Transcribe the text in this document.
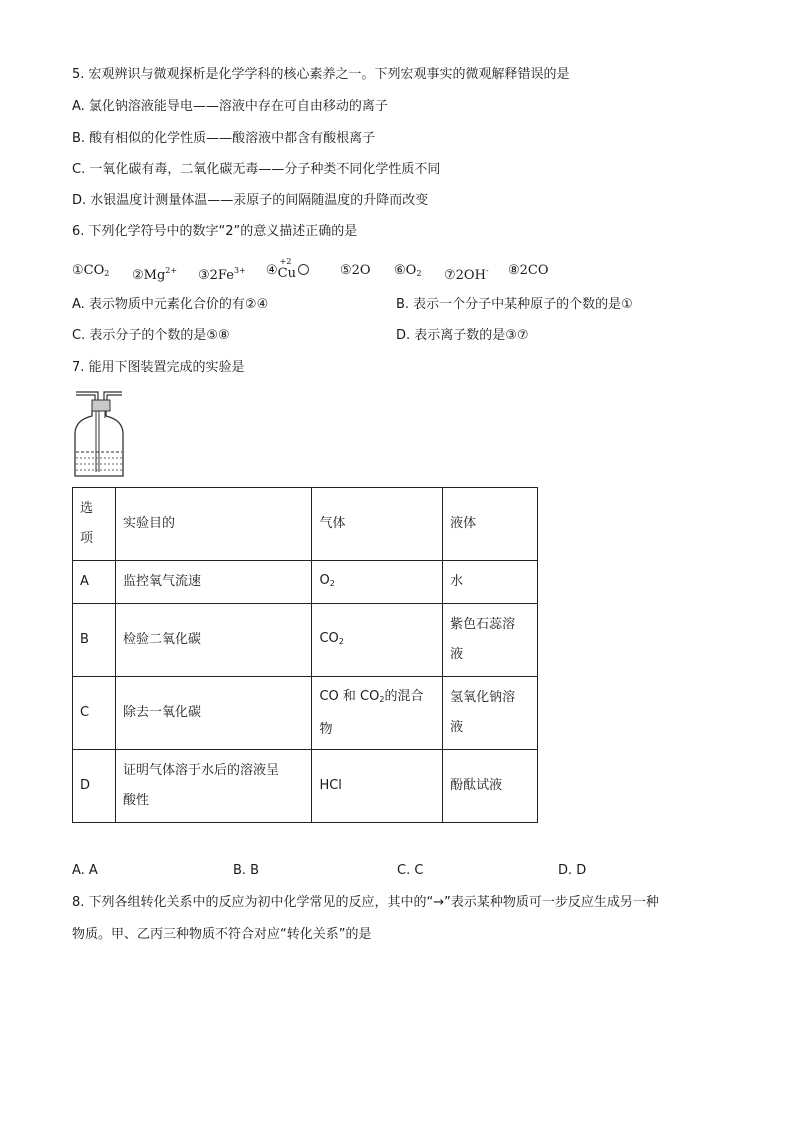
5. 宏观辨识与微观探析是化学学科的核心素养之一。下列宏观事实的微观解释错误的是
A. 氯化钠溶液能导电——溶液中存在可自由移动的离子
B. 酸有相似的化学性质——酸溶液中都含有酸根离子
C. 一氧化碳有毒，二氧化碳无毒——分子种类不同化学性质不同
D. 水银温度计测量体温——汞原子的间隔随温度的升降而改变
6. 下列化学符号中的数字“2”的意义描述正确的是
$①CO_2$ $②Mg^{2+}$ $③2Fe^{3+}$ ④
+2
Cu	⑤2O $⑥O_2$ ⑦2OH- ⑧2CO
A. 表示物质中元素化合价的有②④	B. 表示一个分子中某种原子的个数的是①
C. 表示分子的个数的是⑤⑧	D. 表示离子数的是③⑦
7. 能用下图装置完成的实验是
选
项	实验目的	气体	液体
A	监控氧气流速	$O_2$	水
B	检验二氧化碳	$CO_2$	紫色石蕊溶
液
C	除去一氧化碳	CO 和 $CO_2$的混合
物	氢氧化钠溶
液
D	证明气体溶于水后的溶液呈
酸性	HCl	酚酞试液
A. A	B. B	C. C	D. D
8. 下列各组转化关系中的反应为初中化学常见的反应，其中的“→”表示某种物质可一步反应生成另一种
物质。甲、乙丙三种物质不符合对应“转化关系”的是
